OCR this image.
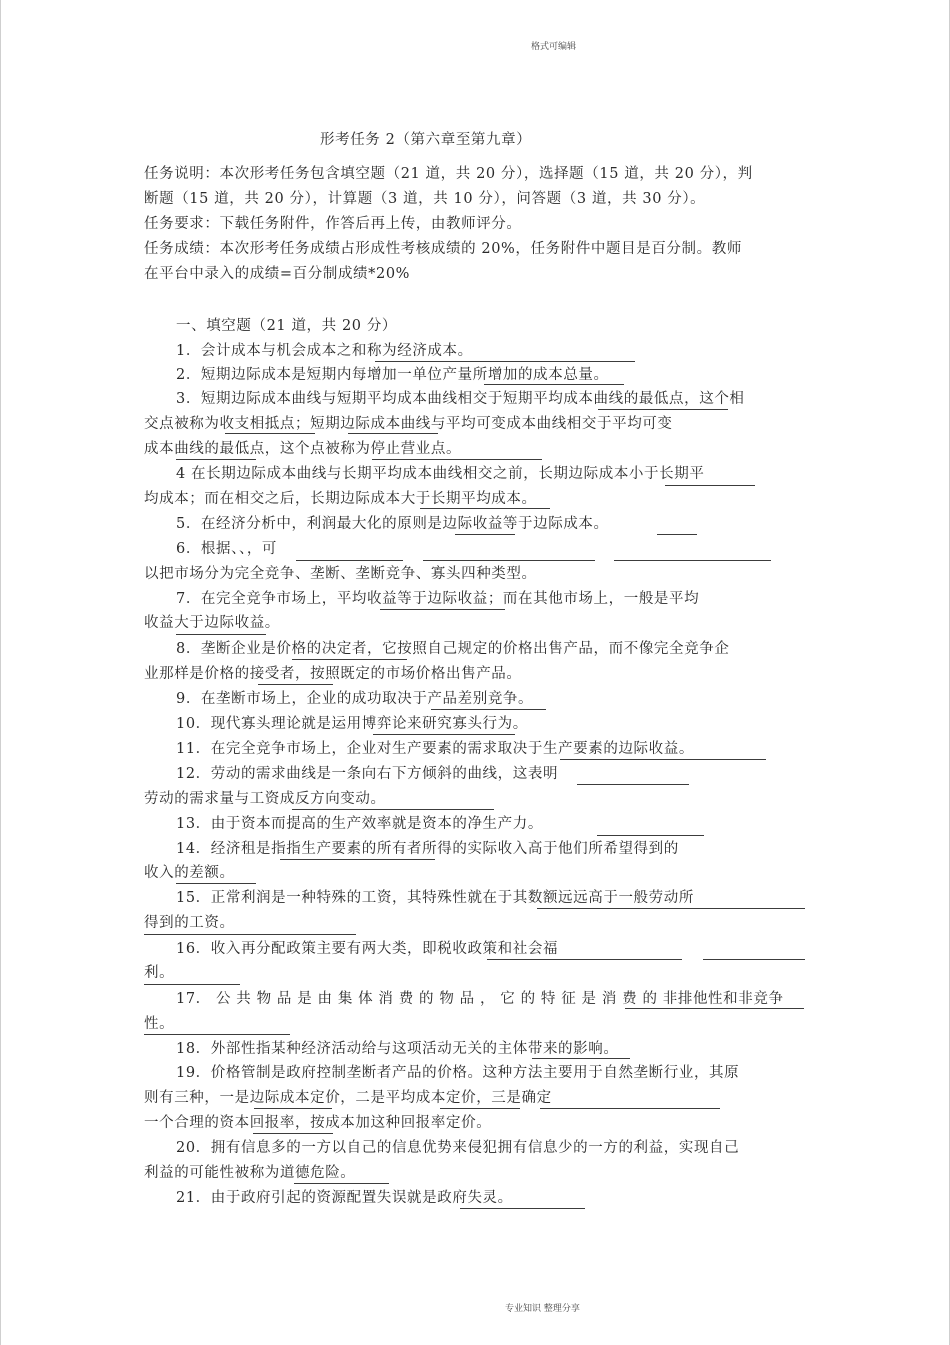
格式可编辑
形考任务 2（第六章至第九章）
任务说明：本次形考任务包含填空题（21 道，共 20 分），选择题（15 道，共 20 分），判
断题（15 道，共 20 分），计算题（3 道，共 10 分），问答题（3 道，共 30 分）。
任务要求：下载任务附件，作答后再上传，由教师评分。
任务成绩：本次形考任务成绩占形成性考核成绩的 20%，任务附件中题目是百分制。教师
在平台中录入的成绩=百分制成绩*20%
一、填空题（21 道，共 20 分）
1．会计成本与机会成本之和称为经济成本。
2．短期边际成本是短期内每增加一单位产量所增加的成本总量。
3．短期边际成本曲线与短期平均成本曲线相交于短期平均成本曲线的最低点，这个相
交点被称为收支相抵点；短期边际成本曲线与平均可变成本曲线相交于平均可变
成本曲线的最低点，这个点被称为停止营业点。
4 在长期边际成本曲线与长期平均成本曲线相交之前，长期边际成本小于长期平
均成本；而在相交之后，长期边际成本大于长期平均成本。
5．在经济分析中，利润最大化的原则是边际收益等于边际成本。
6．根据、、，可
以把市场分为完全竞争、垄断、垄断竞争、寡头四种类型。
7．在完全竞争市场上，平均收益等于边际收益；而在其他市场上，一般是平均
收益大于边际收益。
8．垄断企业是价格的决定者，它按照自己规定的价格出售产品，而不像完全竞争企
业那样是价格的接受者，按照既定的市场价格出售产品。
9．在垄断市场上，企业的成功取决于产品差别竞争。
10．现代寡头理论就是运用博弈论来研究寡头行为。
11．在完全竞争市场上，企业对生产要素的需求取决于生产要素的边际收益。
12．劳动的需求曲线是一条向右下方倾斜的曲线，这表明
劳动的需求量与工资成反方向变动。
13．由于资本而提高的生产效率就是资本的净生产力。
14．经济租是指指生产要素的所有者所得的实际收入高于他们所希望得到的
收入的差额。
15．正常利润是一种特殊的工资，其特殊性就在于其数额远远高于一般劳动所
得到的工资。
16．收入再分配政策主要有两大类，即税收政策和社会福
利。
17． 公 共 物 品 是 由 集 体 消 费 的 物 品 ， 它 的 特 征 是 消 费 的 非排他性和非竞争
性。
18．外部性指某种经济活动给与这项活动无关的主体带来的影响。
19．价格管制是政府控制垄断者产品的价格。这种方法主要用于自然垄断行业，其原
则有三种，一是边际成本定价，二是平均成本定价，三是确定
一个合理的资本回报率，按成本加这种回报率定价。
20．拥有信息多的一方以自己的信息优势来侵犯拥有信息少的一方的利益，实现自己
利益的可能性被称为道德危险。
21．由于政府引起的资源配置失误就是政府失灵。
专业知识 整理分享
